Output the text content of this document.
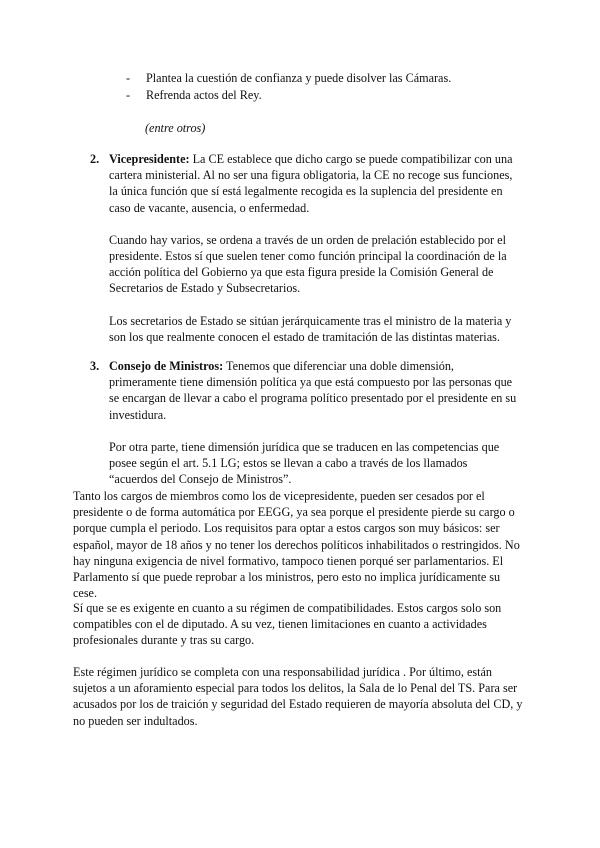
-	Plantea la cuestión de confianza y puede disolver las Cámaras.
-	Refrenda actos del Rey.
(entre otros)
2. Vicepresidente: La CE establece que dicho cargo se puede compatibilizar con una cartera ministerial. Al no ser una figura obligatoria, la CE no recoge sus funciones, la única función que sí está legalmente recogida es la suplencia del presidente en caso de vacante, ausencia, o enfermedad.

Cuando hay varios, se ordena a través de un orden de prelación establecido por el presidente. Estos sí que suelen tener como función principal la coordinación de la acción política del Gobierno ya que esta figura preside la Comisión General de Secretarios de Estado y Subsecretarios.

Los secretarios de Estado se sitúan jerárquicamente tras el ministro de la materia y son los que realmente conocen el estado de tramitación de las distintas materias.

3. Consejo de Ministros: Tenemos que diferenciar una doble dimensión, primeramente tiene dimensión política ya que está compuesto por las personas que se encargan de llevar a cabo el programa político presentado por el presidente en su investidura.

Por otra parte, tiene dimensión jurídica que se traducen en las competencias que posee según el art. 5.1 LG; estos se llevan a cabo a través de los llamados “acuerdos del Consejo de Ministros”.

Tanto los cargos de miembros como los de vicepresidente, pueden ser cesados por el presidente o de forma automática por EEGG, ya sea porque el presidente pierde su cargo o porque cumpla el periodo. Los requisitos para optar a estos cargos son muy básicos: ser español, mayor de 18 años y no tener los derechos políticos inhabilitados o restringidos. No hay ninguna exigencia de nivel formativo, tampoco tienen porqué ser parlamentarios. El Parlamento sí que puede reprobar a los ministros, pero esto no implica jurídicamente su cese.

Sí que se es exigente en cuanto a su régimen de compatibilidades. Estos cargos solo son compatibles con el de diputado. A su vez, tienen limitaciones en cuanto a actividades profesionales durante y tras su cargo.

Este régimen jurídico se completa con una responsabilidad jurídica . Por último, están sujetos a un aforamiento especial para todos los delitos, la Sala de lo Penal del TS. Para ser acusados por los de traición y seguridad del Estado requieren de mayoría absoluta del CD, y no pueden ser indultados.
